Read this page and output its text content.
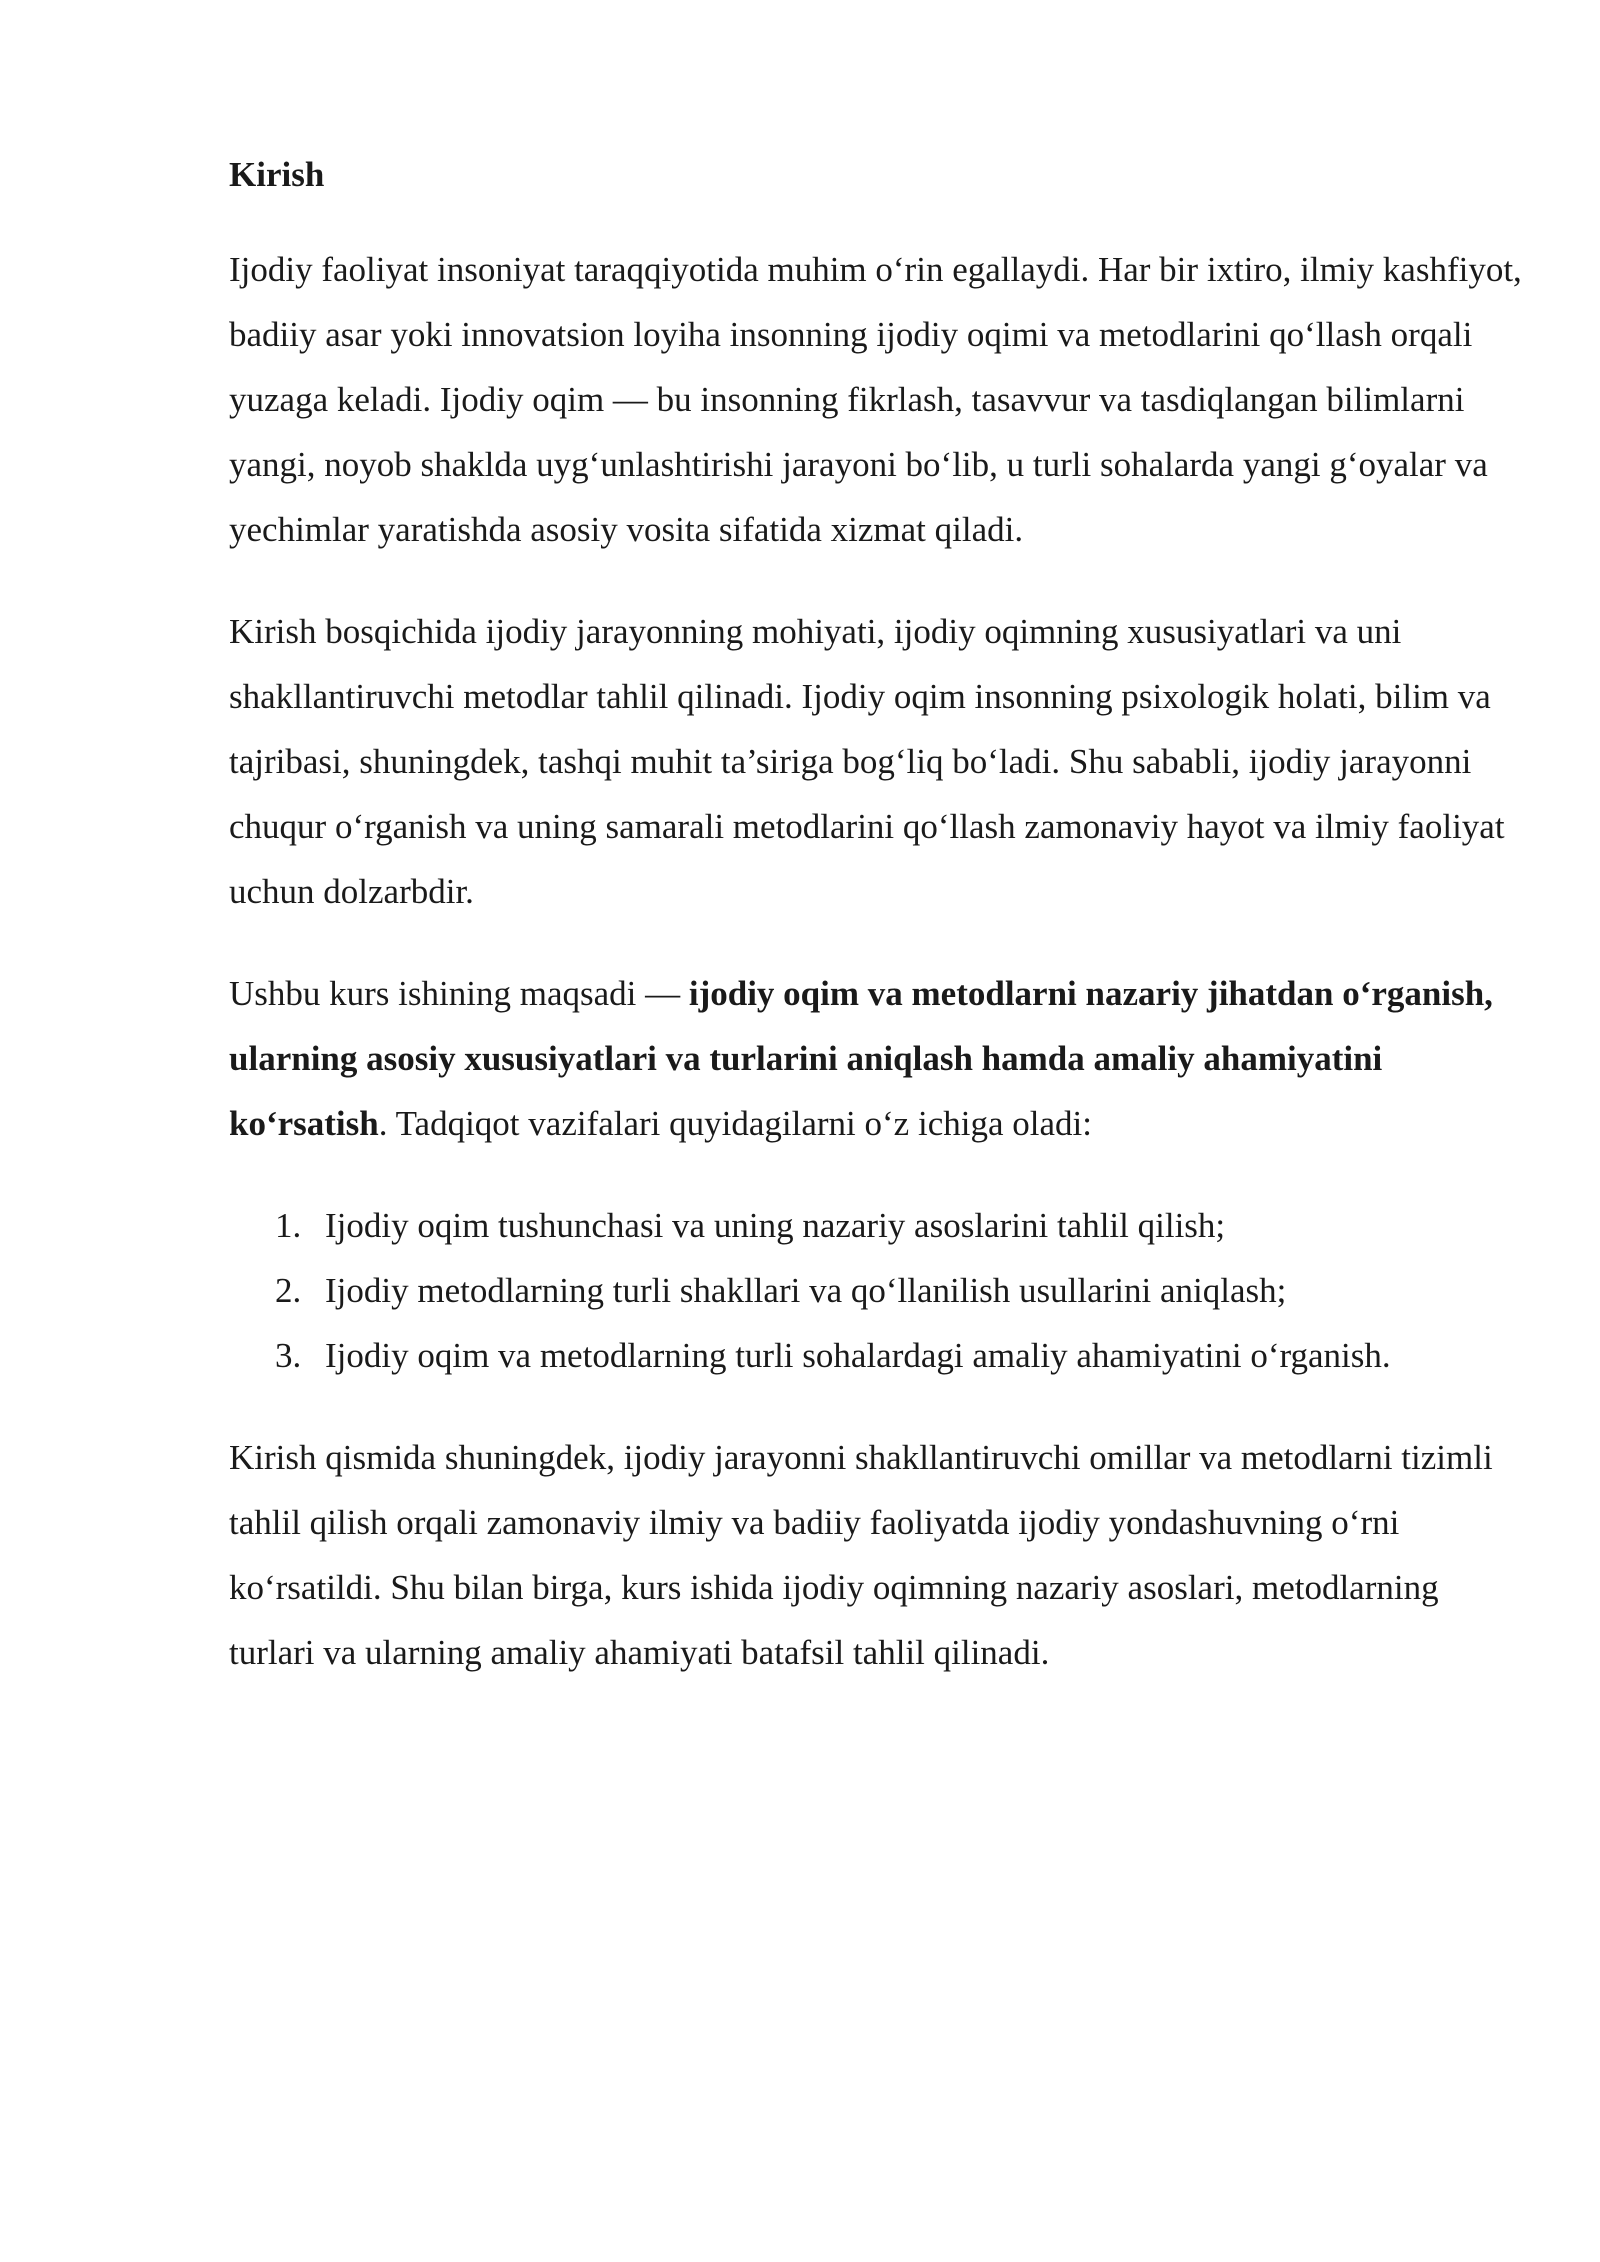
Kirish

Ijodiy faoliyat insoniyat taraqqiyotida muhim o‘rin egallaydi. Har bir ixtiro, ilmiy kashfiyot, badiiy asar yoki innovatsion loyiha insonning ijodiy oqimi va metodlarini qo‘llash orqali yuzaga keladi. Ijodiy oqim — bu insonning fikrlash, tasavvur va tasdiqlangan bilimlarni yangi, noyob shaklda uyg‘unlashtirishi jarayoni bo‘lib, u turli sohalarda yangi g‘oyalar va yechimlar yaratishda asosiy vosita sifatida xizmat qiladi.

Kirish bosqichida ijodiy jarayonning mohiyati, ijodiy oqimning xususiyatlari va uni shakllantiruvchi metodlar tahlil qilinadi. Ijodiy oqim insonning psixologik holati, bilim va tajribasi, shuningdek, tashqi muhit ta’siriga bog‘liq bo‘ladi. Shu sababli, ijodiy jarayonni chuqur o‘rganish va uning samarali metodlarini qo‘llash zamonaviy hayot va ilmiy faoliyat uchun dolzarbdir.

Ushbu kurs ishining maqsadi — ijodiy oqim va metodlarni nazariy jihatdan o‘rganish, ularning asosiy xususiyatlari va turlarini aniqlash hamda amaliy ahamiyatini ko‘rsatish. Tadqiqot vazifalari quyidagilarni o‘z ichiga oladi:

1. Ijodiy oqim tushunchasi va uning nazariy asoslarini tahlil qilish;
2. Ijodiy metodlarning turli shakllari va qo‘llanilish usullarini aniqlash;
3. Ijodiy oqim va metodlarning turli sohalardagi amaliy ahamiyatini o‘rganish.

Kirish qismida shuningdek, ijodiy jarayonni shakllantiruvchi omillar va metodlarni tizimli tahlil qilish orqali zamonaviy ilmiy va badiiy faoliyatda ijodiy yondashuvning o‘rni ko‘rsatildi. Shu bilan birga, kurs ishida ijodiy oqimning nazariy asoslari, metodlarning turlari va ularning amaliy ahamiyati batafsil tahlil qilinadi.
